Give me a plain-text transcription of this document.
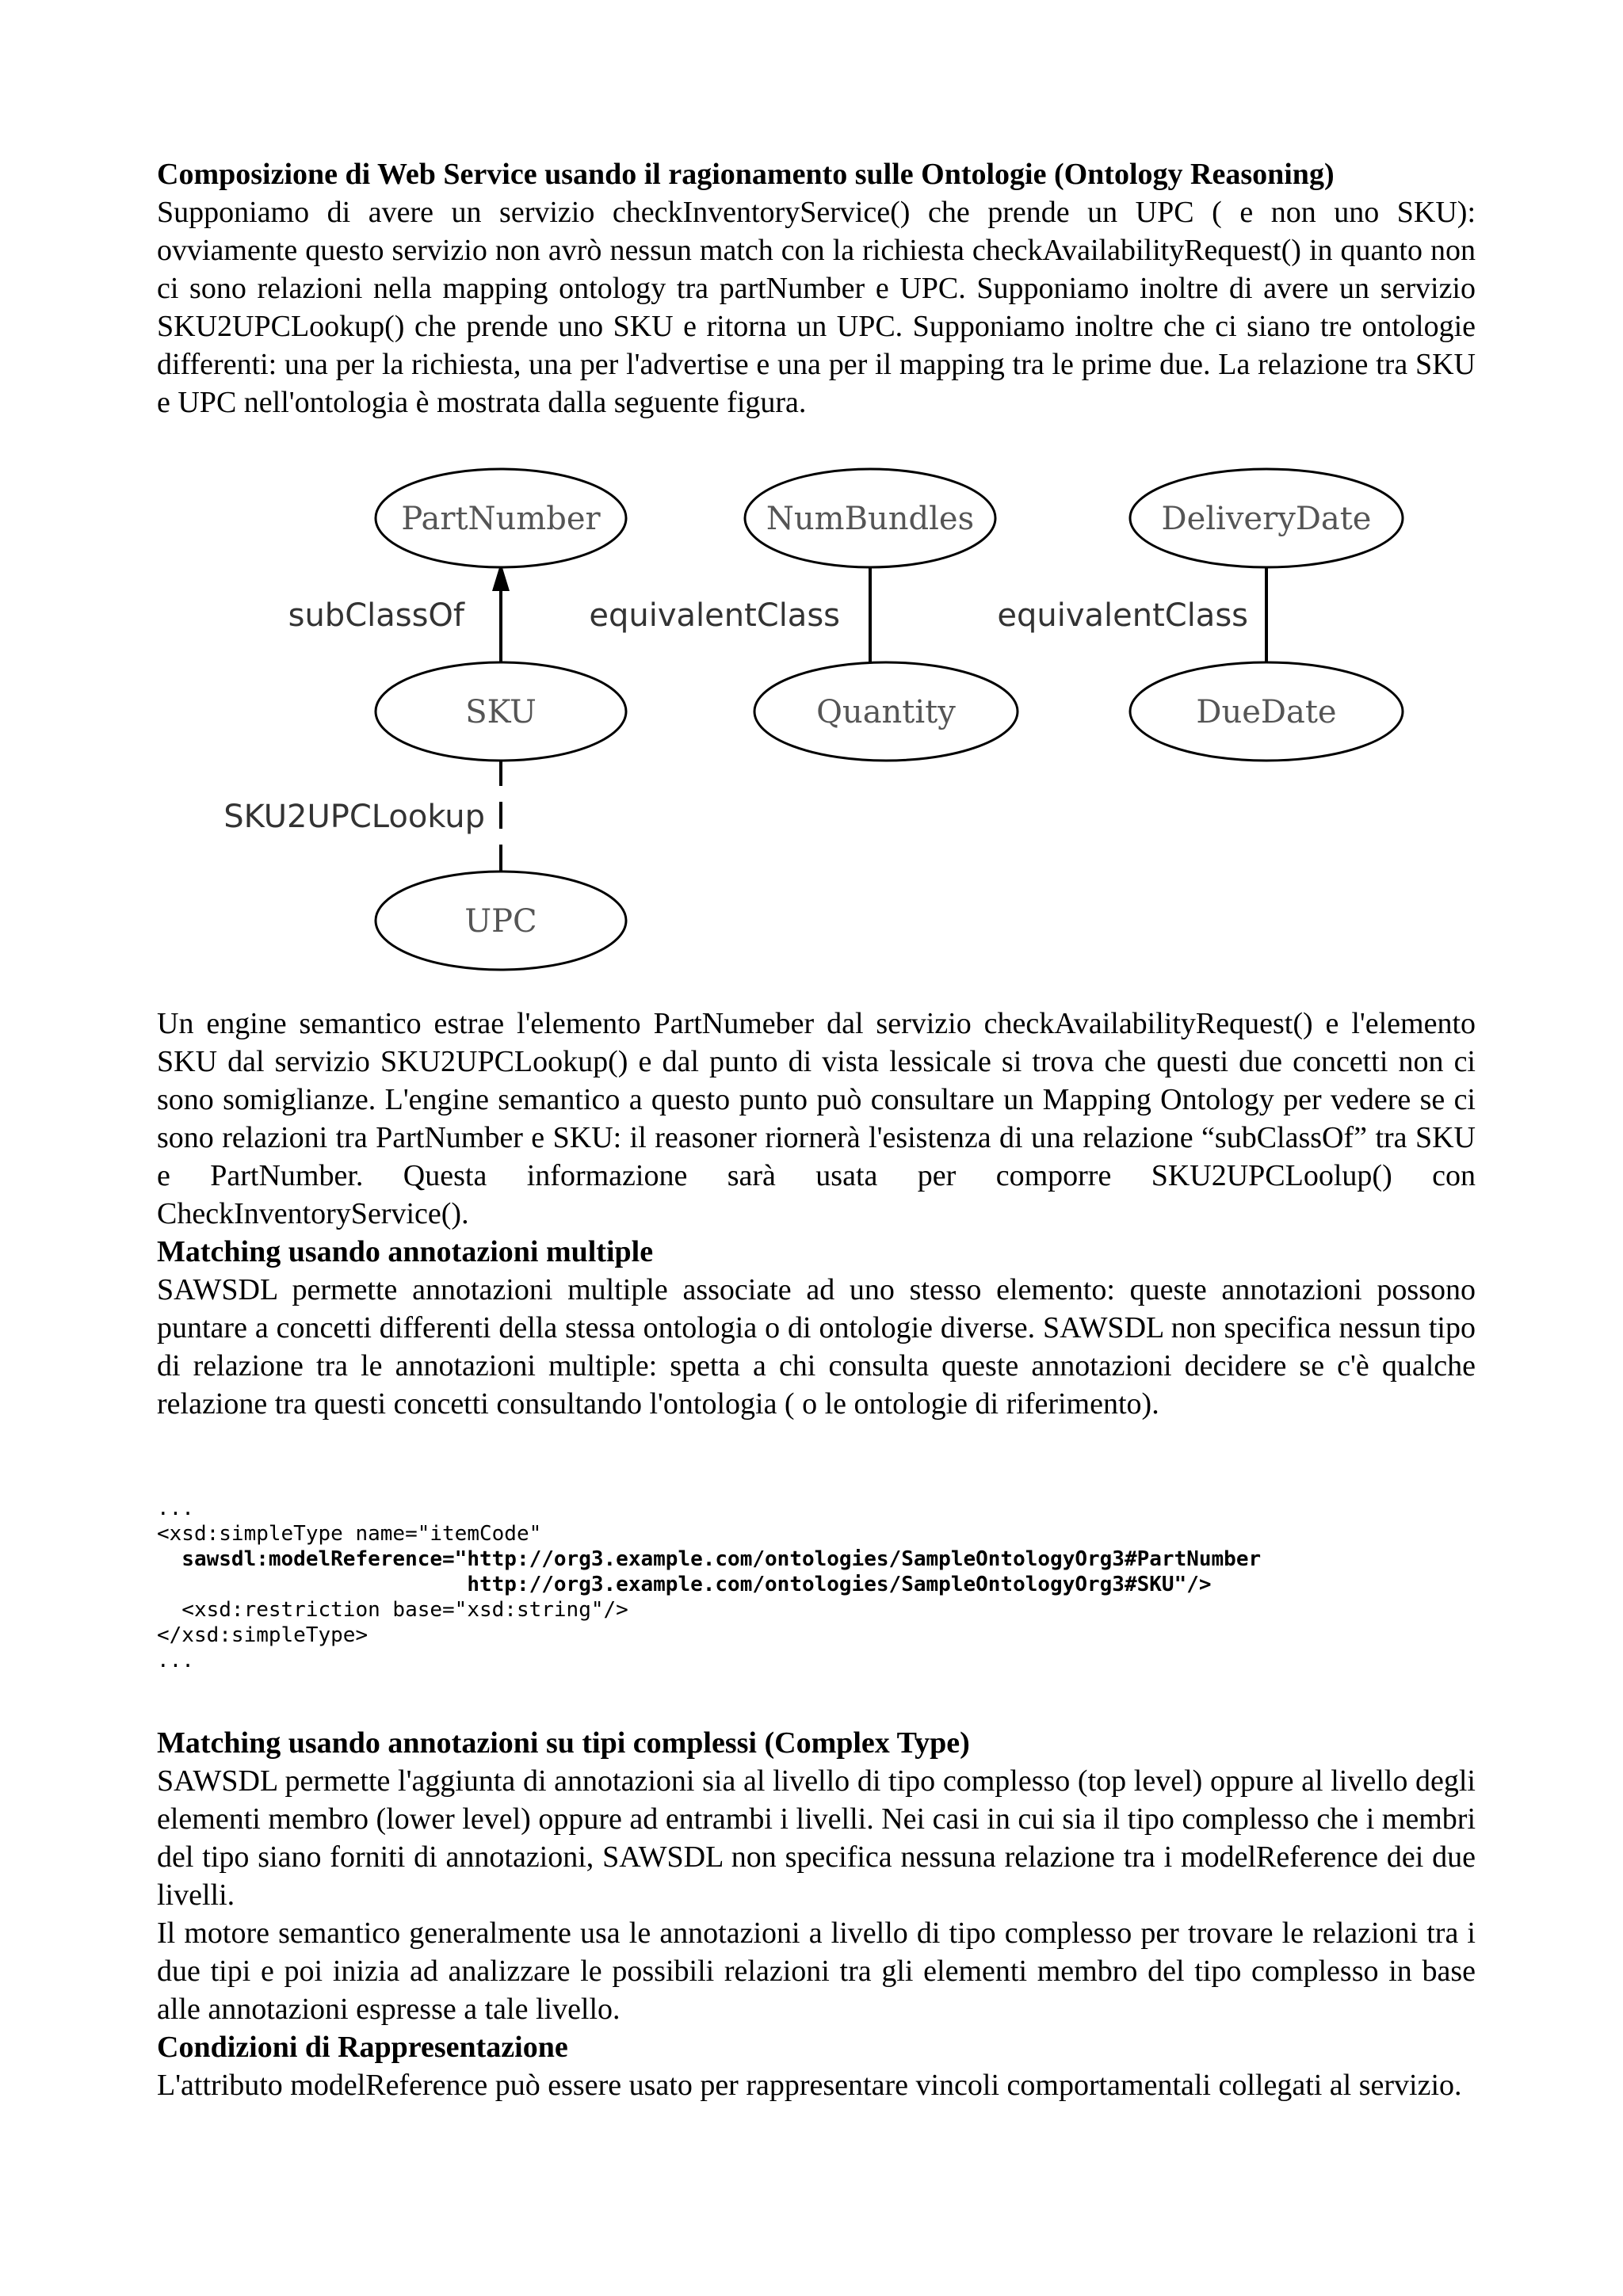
Composizione di Web Service usando il ragionamento sulle Ontologie (Ontology Reasoning)

Supponiamo di avere un servizio checkInventoryService() che prende un UPC ( e non uno SKU): ovviamente questo servizio non avrò nessun match con la richiesta checkAvailabilityRequest() in quanto non ci sono relazioni nella mapping ontology tra partNumber e UPC. Supponiamo inoltre di avere un servizio SKU2UPCLookup() che prende uno SKU e ritorna un UPC. Supponiamo inoltre che ci siano tre ontologie differenti: una per la richiesta, una per l'advertise e una per il mapping tra le prime due. La relazione tra SKU e UPC nell'ontologia è mostrata dalla seguente figura.

PartNumber	NumBundles	DeliveryDate
subClassOf	equivalentClass	equivalentClass
SKU	Quantity	DueDate
SKU2UPCLookup
UPC

Un engine semantico estrae l'elemento PartNumeber dal servizio checkAvailabilityRequest() e l'elemento SKU dal servizio SKU2UPCLookup() e dal punto di vista lessicale si trova che questi due concetti non ci sono somiglianze. L'engine semantico a questo punto può consultare un Mapping Ontology per vedere se ci sono relazioni tra PartNumber e SKU: il reasoner riornerà l'esistenza di una relazione “subClassOf” tra SKU e PartNumber. Questa informazione sarà usata per comporre SKU2UPCLoolup() con CheckInventoryService().

Matching usando annotazioni multiple

SAWSDL permette annotazioni multiple associate ad uno stesso elemento: queste annotazioni possono puntare a concetti differenti della stessa ontologia o di ontologie diverse. SAWSDL non specifica nessun tipo di relazione tra le annotazioni multiple: spetta a chi consulta queste annotazioni decidere se c'è qualche relazione tra questi concetti consultando l'ontologia ( o le ontologie di riferimento).

...
<xsd:simpleType name="itemCode"
sawsdl:modelReference="http://org3.example.com/ontologies/SampleOntologyOrg3#PartNumber
http://org3.example.com/ontologies/SampleOntologyOrg3#SKU"/>
<xsd:restriction base="xsd:string"/>
</xsd:simpleType>
...

Matching usando annotazioni su tipi complessi (Complex Type)

SAWSDL permette l'aggiunta di annotazioni sia al livello di tipo complesso (top level) oppure al livello degli elementi membro (lower level) oppure ad entrambi i livelli. Nei casi in cui sia il tipo complesso che i membri del tipo siano forniti di annotazioni, SAWSDL non specifica nessuna relazione tra i modelReference dei due livelli.

Il motore semantico generalmente usa le annotazioni a livello di tipo complesso per trovare le relazioni tra i due tipi e poi inizia ad analizzare le possibili relazioni tra gli elementi membro del tipo complesso in base alle annotazioni espresse a tale livello.

Condizioni di Rappresentazione

L'attributo modelReference può essere usato per rappresentare vincoli comportamentali collegati al servizio.
